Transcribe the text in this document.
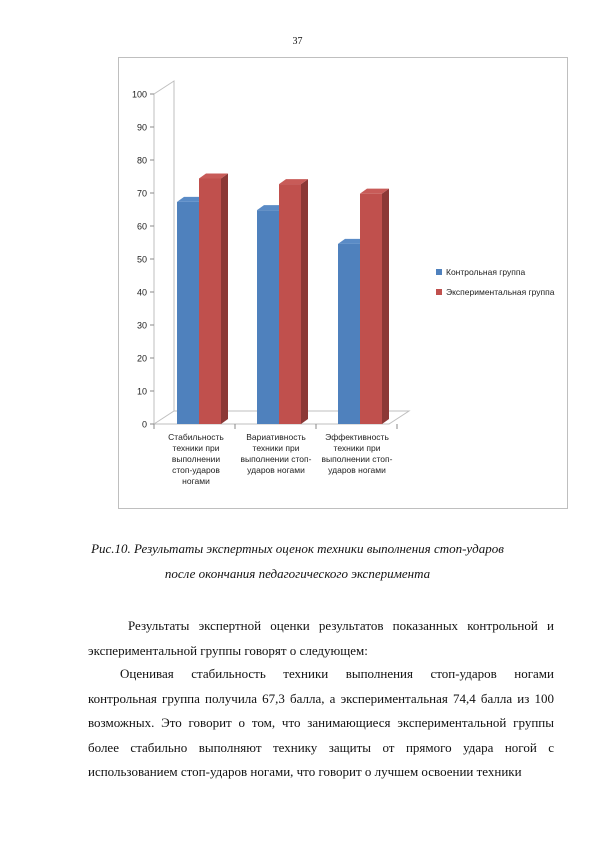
37
0
10
20
30
40
50
60
70
80
90
100
Стабильность
техники при
выполнении
стоп-ударов
ногами
Вариативность
техники при
выполнении стоп-
ударов ногами
Эффективность
техники при
выполнении стоп-
ударов ногами
Контрольная группа
Экспериментальная группа
Рис.10. Результаты экспертных оценок техники выполнения стоп-ударов
после окончания педагогического эксперимента
Результаты экспертной оценки результатов показанных контрольной и экспериментальной группы говорят о следующем:
Оценивая стабильность техники выполнения стоп-ударов ногами контрольная группа получила 67,3 балла, а экспериментальная 74,4 балла из 100 возможных. Это говорит о том, что занимающиеся экспериментальной группы более стабильно выполняют технику защиты от прямого удара ногой с использованием стоп-ударов ногами, что говорит о лучшем освоении техники
